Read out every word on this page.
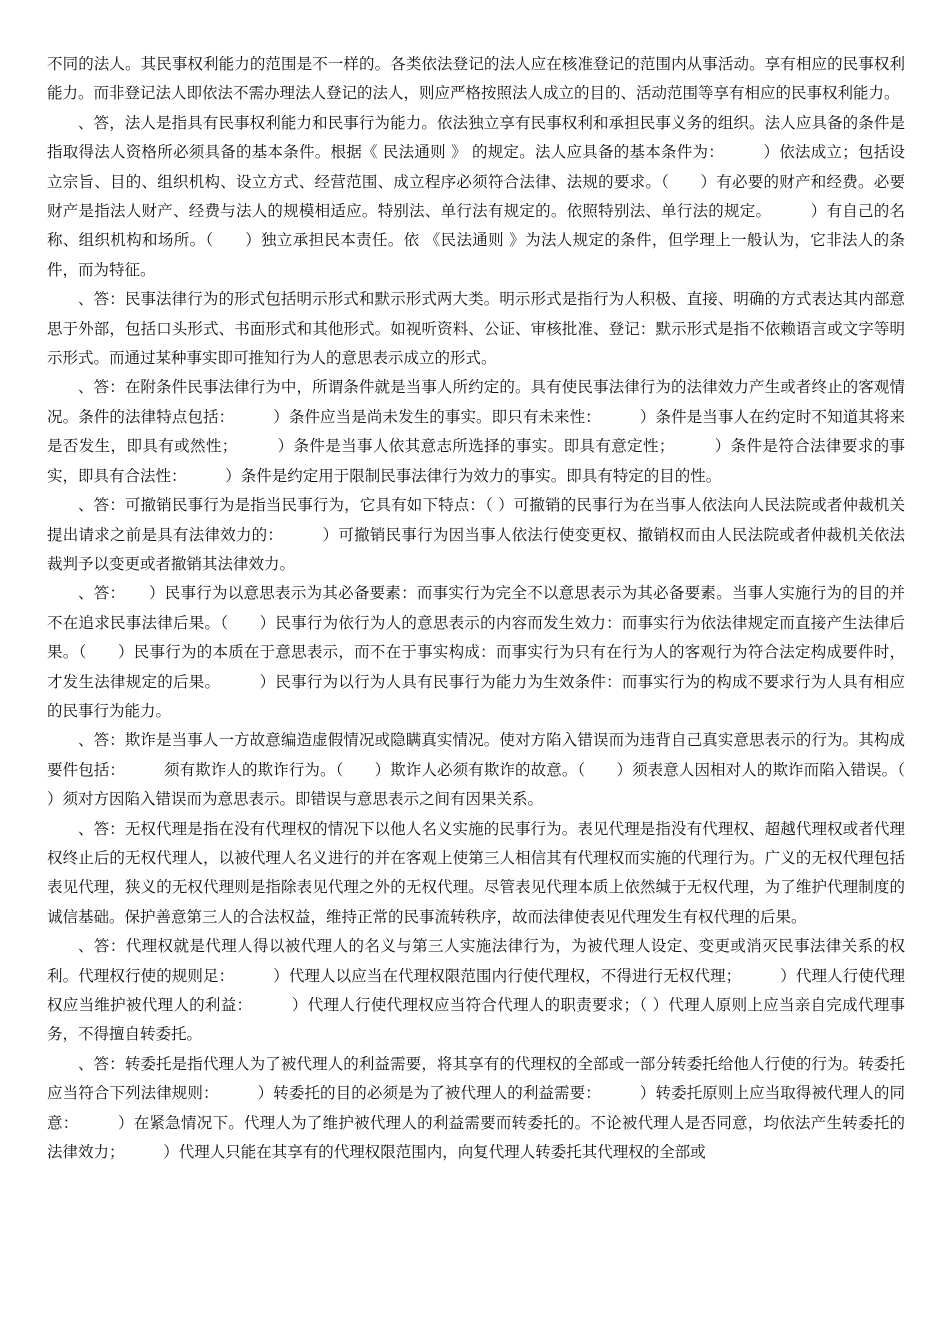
不同的法人。其民事权利能力的范围是不一样的。各类依法登记的法人应在核准登记的范围内从事活动。享有相应的民事权利能力。而非登记法人即依法不需办理法人登记的法人，则应严格按照法人成立的目的、活动范围等享有相应的民事权利能力。

、答，法人是指具有民事权利能力和民事行为能力。依法独立享有民事权利和承担民事义务的组织。法人应具备的条件是指取得法人资格所必须具备的基本条件。根据《 民法通则 》 的规定。法人应具备的基本条件为：　　　）依法成立；包括设立宗旨、目的、组织机构、设立方式、经营范围、成立程序必须符合法律、法规的要求。（　　）有必要的财产和经费。必要财产是指法人财产、经费与法人的规模相适应。特别法、单行法有规定的。依照特别法、单行法的规定。　　　）有自己的名称、组织机构和场所。（　　）独立承担民本责任。依 《民法通则 》为法人规定的条件，但学理上一般认为，它非法人的条件，而为特征。

、答：民事法律行为的形式包括明示形式和默示形式两大类。明示形式是指行为人积极、直接、明确的方式表达其内部意思于外部，包括口头形式、书面形式和其他形式。如视听资料、公证、审核批准、登记：默示形式是指不依赖语言或文字等明示形式。而通过某种事实即可推知行为人的意思表示成立的形式。

、答：在附条件民事法律行为中，所谓条件就是当事人所约定的。具有使民事法律行为的法律效力产生或者终止的客观情况。条件的法律特点包括：　　　）条件应当是尚未发生的事实。即只有未来性：　　　）条件是当事人在约定时不知道其将来是否发生，即具有或然性；　　　）条件是当事人依其意志所选择的事实。即具有意定性；　　　）条件是符合法律要求的事实，即具有合法性：　　　）条件是约定用于限制民事法律行为效力的事实。即具有特定的目的性。

、答：可撤销民事行为是指当民事行为，它具有如下特点：（ ）可撤销的民事行为在当事人依法向人民法院或者仲裁机关提出请求之前是具有法律效力的：　　　）可撤销民事行为因当事人依法行使变更权、撤销权而由人民法院或者仲裁机关依法裁判予以变更或者撤销其法律效力。

、答：　　）民事行为以意思表示为其必备要素：而事实行为完全不以意思表示为其必备要素。当事人实施行为的目的并不在追求民事法律后果。（　　）民事行为依行为人的意思表示的内容而发生效力：而事实行为依法律规定而直接产生法律后果。（　　）民事行为的本质在于意思表示，而不在于事实构成：而事实行为只有在行为人的客观行为符合法定构成要件时，才发生法律规定的后果。　　　）民事行为以行为人具有民事行为能力为生效条件：而事实行为的构成不要求行为人具有相应的民事行为能力。

、答：欺诈是当事人一方故意编造虚假情况或隐瞒真实情况。使对方陷入错误而为违背自己真实意思表示的行为。其构成要件包括：　　　须有欺诈人的欺诈行为。（　　）欺诈人必须有欺诈的故意。（　　）须表意人因相对人的欺诈而陷入错误。（　　）须对方因陷入错误而为意思表示。即错误与意思表示之间有因果关系。

、答：无权代理是指在没有代理权的情况下以他人名义实施的民事行为。表见代理是指没有代理权、超越代理权或者代理权终止后的无权代理人，以被代理人名义进行的并在客观上使第三人相信其有代理权而实施的代理行为。广义的无权代理包括表见代理，狭义的无权代理则是指除表见代理之外的无权代理。尽管表见代理本质上依然缄于无权代理，为了维护代理制度的诚信基础。保护善意第三人的合法权益，维持正常的民事流转秩序，故而法律使表见代理发生有权代理的后果。

、答：代理权就是代理人得以被代理人的名义与第三人实施法律行为，为被代理人设定、变更或消灭民事法律关系的权利。代理权行使的规则足：　　　）代理人以应当在代理权限范围内行使代理权，不得进行无权代理；　　　）代理人行使代理权应当维护被代理人的利益：　　　）代理人行使代理权应当符合代理人的职责要求；（ ）代理人原则上应当亲自完成代理事务，不得擅自转委托。

、答：转委托是指代理人为了被代理人的利益需要，将其享有的代理权的全部或一部分转委托给他人行使的行为。转委托应当符合下列法律规则：　　　）转委托的目的必须是为了被代理人的利益需要：　　　）转委托原则上应当取得被代理人的同意：　　　）在紧急情况下。代理人为了维护被代理人的利益需要而转委托的。不论被代理人是否同意，均依法产生转委托的法律效力；　　　）代理人只能在其享有的代理权限范围内，向复代理人转委托其代理权的全部或
